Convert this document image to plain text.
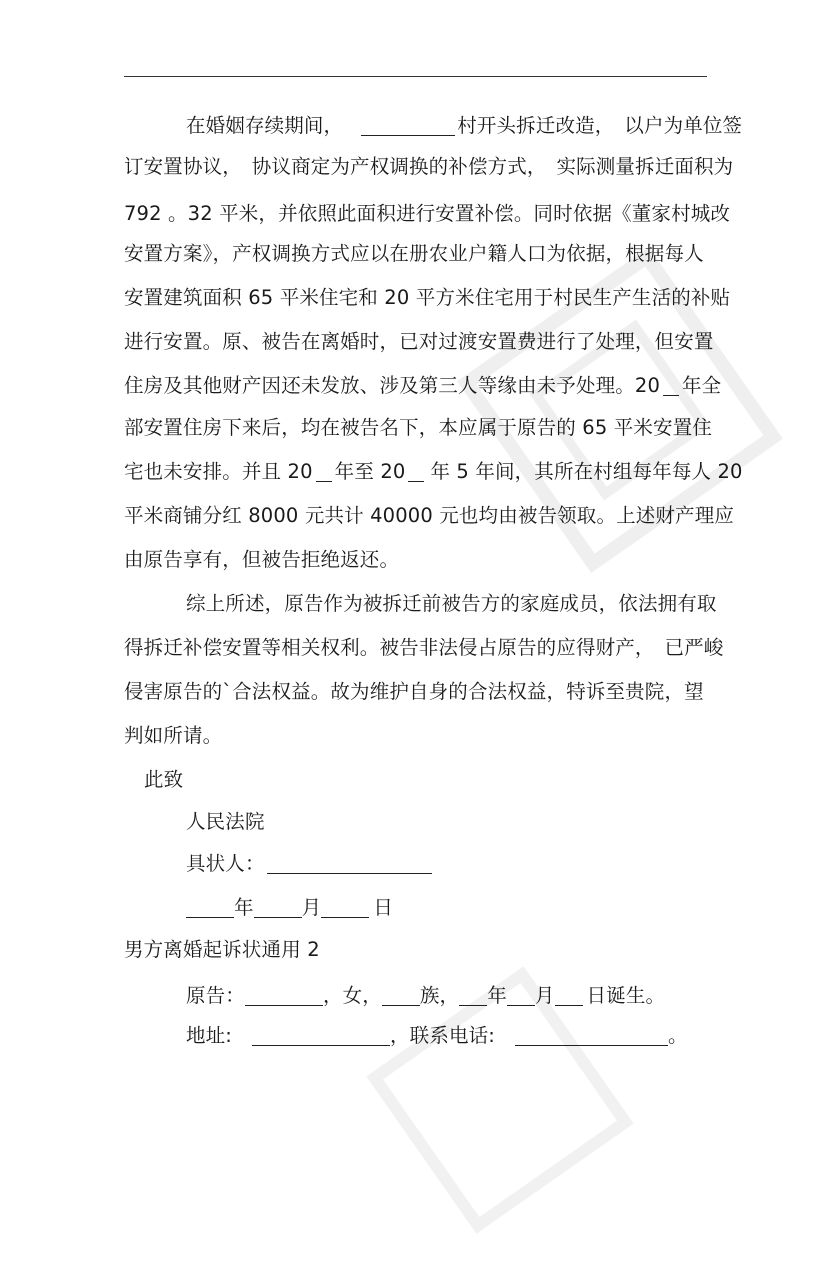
在婚姻存续期间，	村开头拆迁改造，　以户为单位签
订安置协议，　协议商定为产权调换的补偿方式，　实际测量拆迁面积为
792 。32 平米，并依照此面积进行安置补偿。同时依据《董家村城改
安置方案》，产权调换方式应以在册农业户籍人口为依据，根据每人
安置建筑面积 65 平米住宅和 20 平方米住宅用于村民生产生活的补贴
进行安置。原、被告在离婚时，已对过渡安置费进行了处理，但安置
住房及其他财产因还未发放、涉及第三人等缘由未予处理。20 年全
部安置住房下来后，均在被告名下，本应属于原告的 65 平米安置住
宅也未安排。并且 20 年至 20 年 5 年间，其所在村组每年每人 20
平米商铺分红 8000 元共计 40000 元也均由被告领取。上述财产理应
由原告享有，但被告拒绝返还。
综上所述，原告作为被拆迁前被告方的家庭成员，依法拥有取
得拆迁补偿安置等相关权利。被告非法侵占原告的应得财产，　已严峻
侵害原告的`合法权益。故为维护自身的合法权益，特诉至贵院，望
判如所请。
此致
人民法院
具状人：
年 月	日
男方离婚起诉状通用 2
原告：	，女， 族， 年 月 日诞生。
地址:	，联系电话:	。
